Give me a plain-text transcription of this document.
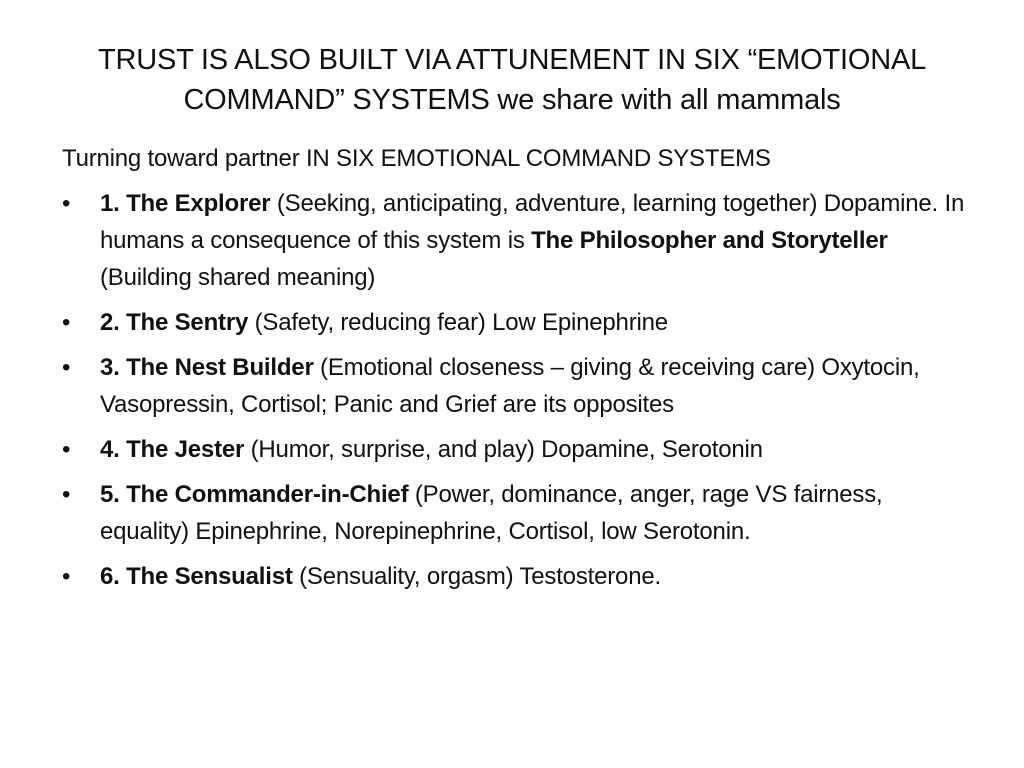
TRUST IS ALSO BUILT VIA ATTUNEMENT IN SIX “EMOTIONAL
COMMAND” SYSTEMS we share with all mammals

Turning toward partner IN SIX EMOTIONAL COMMAND SYSTEMS

• 1. The Explorer (Seeking, anticipating, adventure, learning together) Dopamine. In humans a consequence of this system is The Philosopher and Storyteller (Building shared meaning)
• 2. The Sentry (Safety, reducing fear) Low Epinephrine
• 3. The Nest Builder (Emotional closeness – giving & receiving care) Oxytocin, Vasopressin, Cortisol; Panic and Grief are its opposites
• 4. The Jester (Humor, surprise, and play) Dopamine, Serotonin
• 5. The Commander-in-Chief (Power, dominance, anger, rage VS fairness, equality) Epinephrine, Norepinephrine, Cortisol, low Serotonin.
• 6. The Sensualist (Sensuality, orgasm) Testosterone.
